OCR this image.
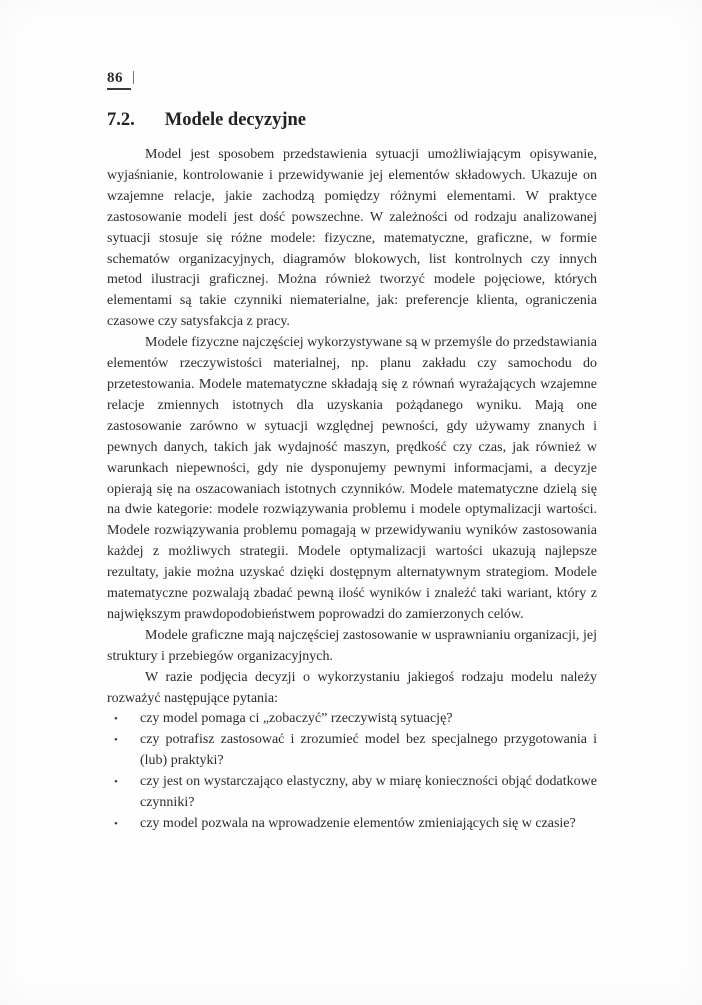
86 |
7.2. Modele decyzyjne

Model jest sposobem przedstawienia sytuacji umożliwiającym opisywanie, wyjaśnianie, kontrolowanie i przewidywanie jej elementów składowych. Ukazuje on wzajemne relacje, jakie zachodzą pomiędzy różnymi elementami. W praktyce zastosowanie modeli jest dość powszechne. W zależności od rodzaju analizowanej sytuacji stosuje się różne modele: fizyczne, matematyczne, graficzne, w formie schematów organizacyjnych, diagramów blokowych, list kontrolnych czy innych metod ilustracji graficznej. Można również tworzyć modele pojęciowe, których elementami są takie czynniki niematerialne, jak: preferencje klienta, ograniczenia czasowe czy satysfakcja z pracy.

Modele fizyczne najczęściej wykorzystywane są w przemyśle do przedstawiania elementów rzeczywistości materialnej, np. planu zakładu czy samochodu do przetestowania. Modele matematyczne składają się z równań wyrażających wzajemne relacje zmiennych istotnych dla uzyskania pożądanego wyniku. Mają one zastosowanie zarówno w sytuacji względnej pewności, gdy używamy znanych i pewnych danych, takich jak wydajność maszyn, prędkość czy czas, jak również w warunkach niepewności, gdy nie dysponujemy pewnymi informacjami, a decyzje opierają się na oszacowaniach istotnych czynników. Modele matematyczne dzielą się na dwie kategorie: modele rozwiązywania problemu i modele optymalizacji wartości. Modele rozwiązywania problemu pomagają w przewidywaniu wyników zastosowania każdej z możliwych strategii. Modele optymalizacji wartości ukazują najlepsze rezultaty, jakie można uzyskać dzięki dostępnym alternatywnym strategiom. Modele matematyczne pozwalają zbadać pewną ilość wyników i znaleźć taki wariant, który z największym prawdopodobieństwem poprowadzi do zamierzonych celów.

Modele graficzne mają najczęściej zastosowanie w usprawnianiu organizacji, jej struktury i przebiegów organizacyjnych.

W razie podjęcia decyzji o wykorzystaniu jakiegoś rodzaju modelu należy rozważyć następujące pytania:

•	czy model pomaga ci „zobaczyć” rzeczywistą sytuację?
•	czy potrafisz zastosować i zrozumieć model bez specjalnego przygotowania i (lub) praktyki?
•	czy jest on wystarczająco elastyczny, aby w miarę konieczności objąć dodatkowe czynniki?
•	czy model pozwala na wprowadzenie elementów zmieniających się w czasie?
